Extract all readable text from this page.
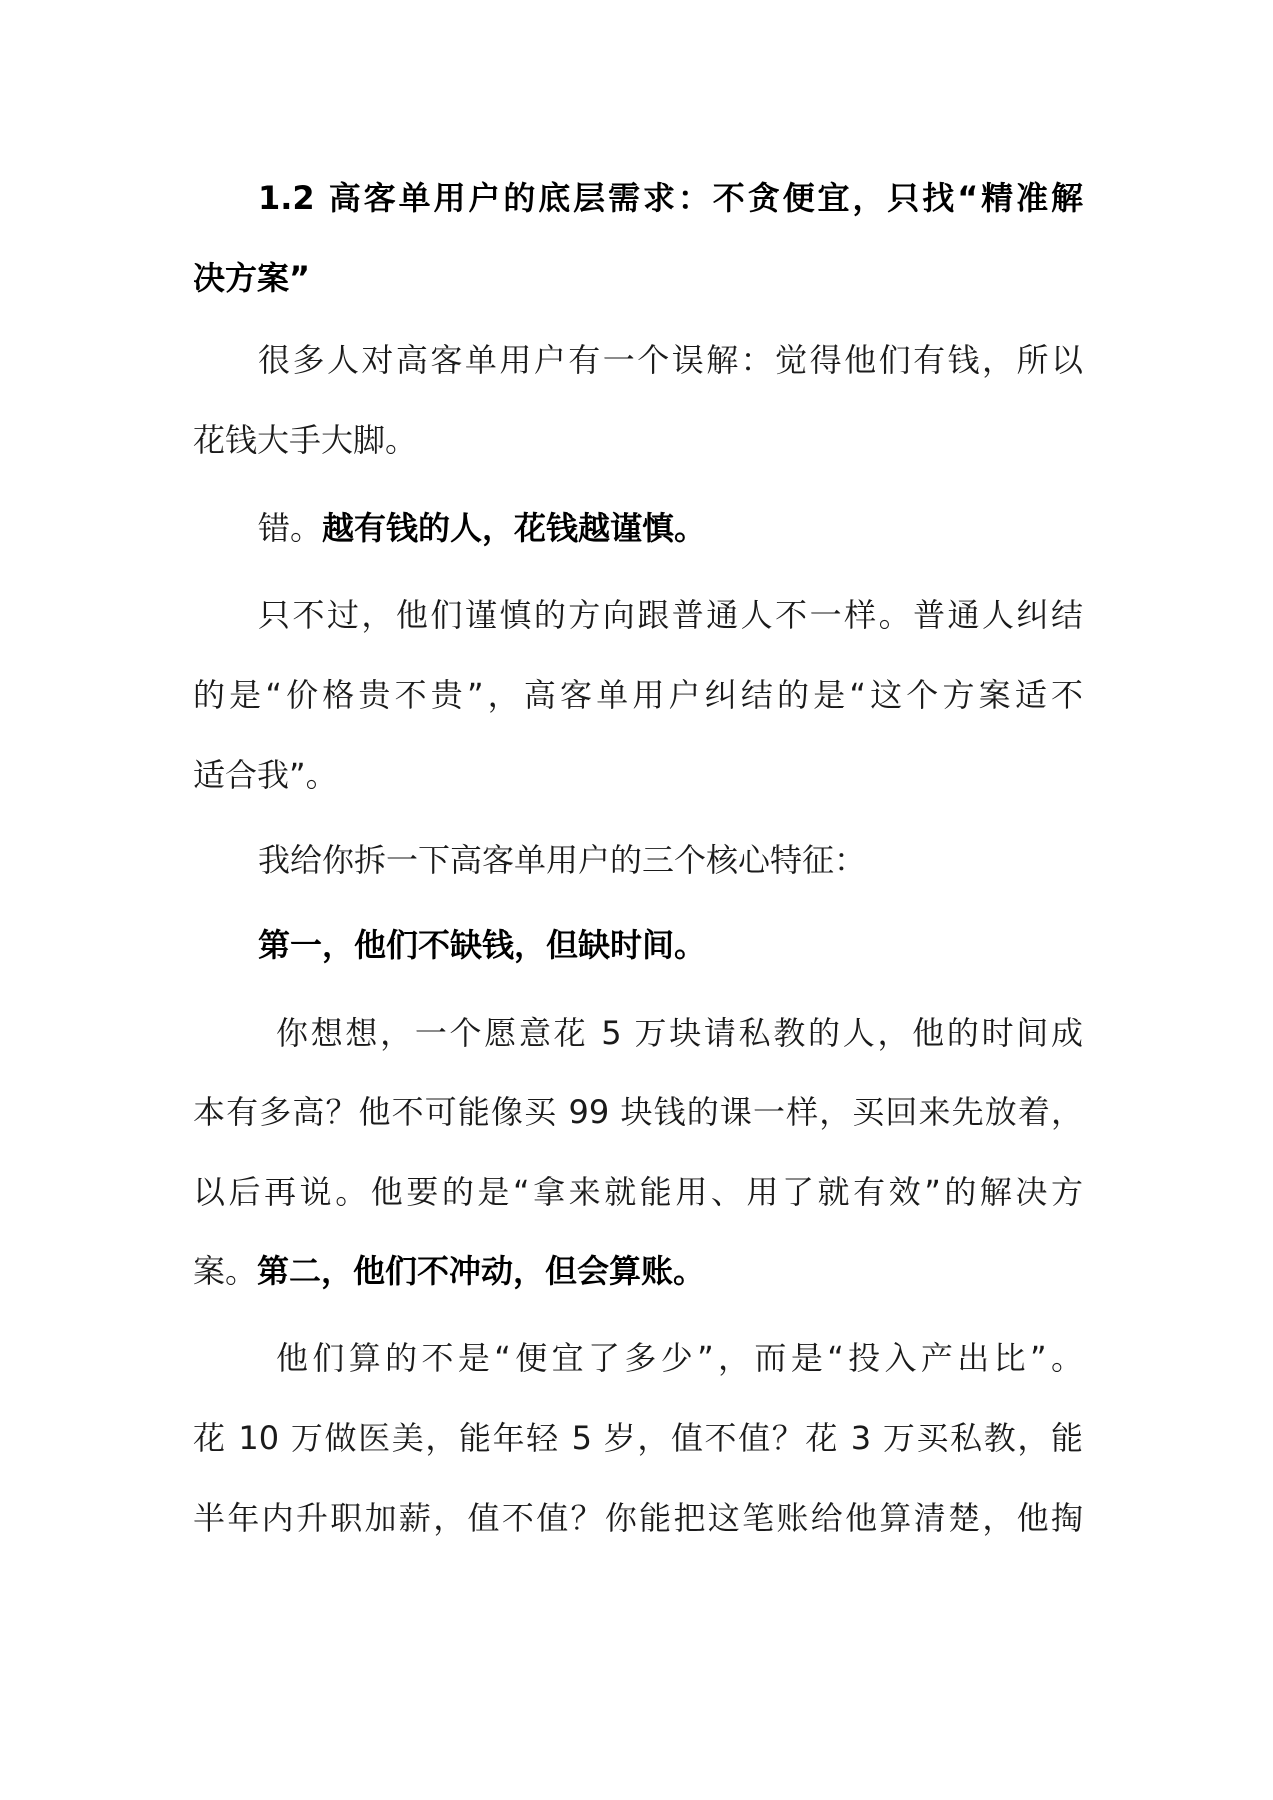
1.2 高客单用户的底层需求：不贪便宜，只找“精准解
决方案”
很多人对高客单用户有一个误解：觉得他们有钱，所以
花钱大手大脚。
错。越有钱的人，花钱越谨慎。
只不过，他们谨慎的方向跟普通人不一样。普通人纠结
的是“价格贵不贵”，高客单用户纠结的是“这个方案适不
适合我”。
我给你拆一下高客单用户的三个核心特征：
第一，他们不缺钱，但缺时间。
你想想，一个愿意花 5 万块请私教的人，他的时间成
本有多高？他不可能像买 99 块钱的课一样，买回来先放着，
以后再说。他要的是“拿来就能用、用了就有效”的解决方
案。第二，他们不冲动，但会算账。
他们算的不是“便宜了多少”，而是“投入产出比”。
花 10 万做医美，能年轻 5 岁，值不值？花 3 万买私教，能
半年内升职加薪，值不值？你能把这笔账给他算清楚，他掏
